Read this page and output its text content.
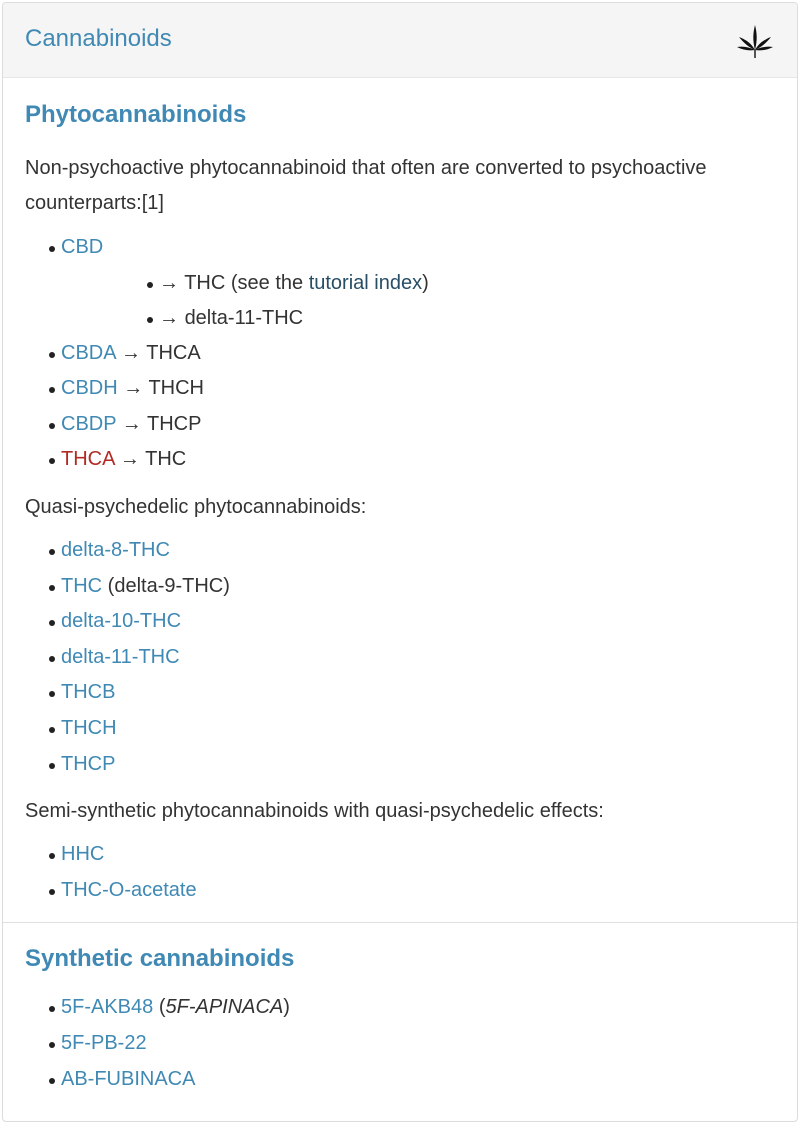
Cannabinoids
Phytocannabinoids

Non-psychoactive phytocannabinoid that often are converted to psychoactive counterparts:[1]

CBD
→ THC (see the tutorial index)
→ delta-11-THC
CBDA → THCA
CBDH → THCH
CBDP → THCP
THCA → THC

Quasi-psychedelic phytocannabinoids:

delta-8-THC
THC (delta-9-THC)
delta-10-THC
delta-11-THC
THCB
THCH
THCP

Semi-synthetic phytocannabinoids with quasi-psychedelic effects:

HHC
THC-O-acetate
Synthetic cannabinoids
5F-AKB48 (5F-APINACA)
5F-PB-22
AB-FUBINACA
